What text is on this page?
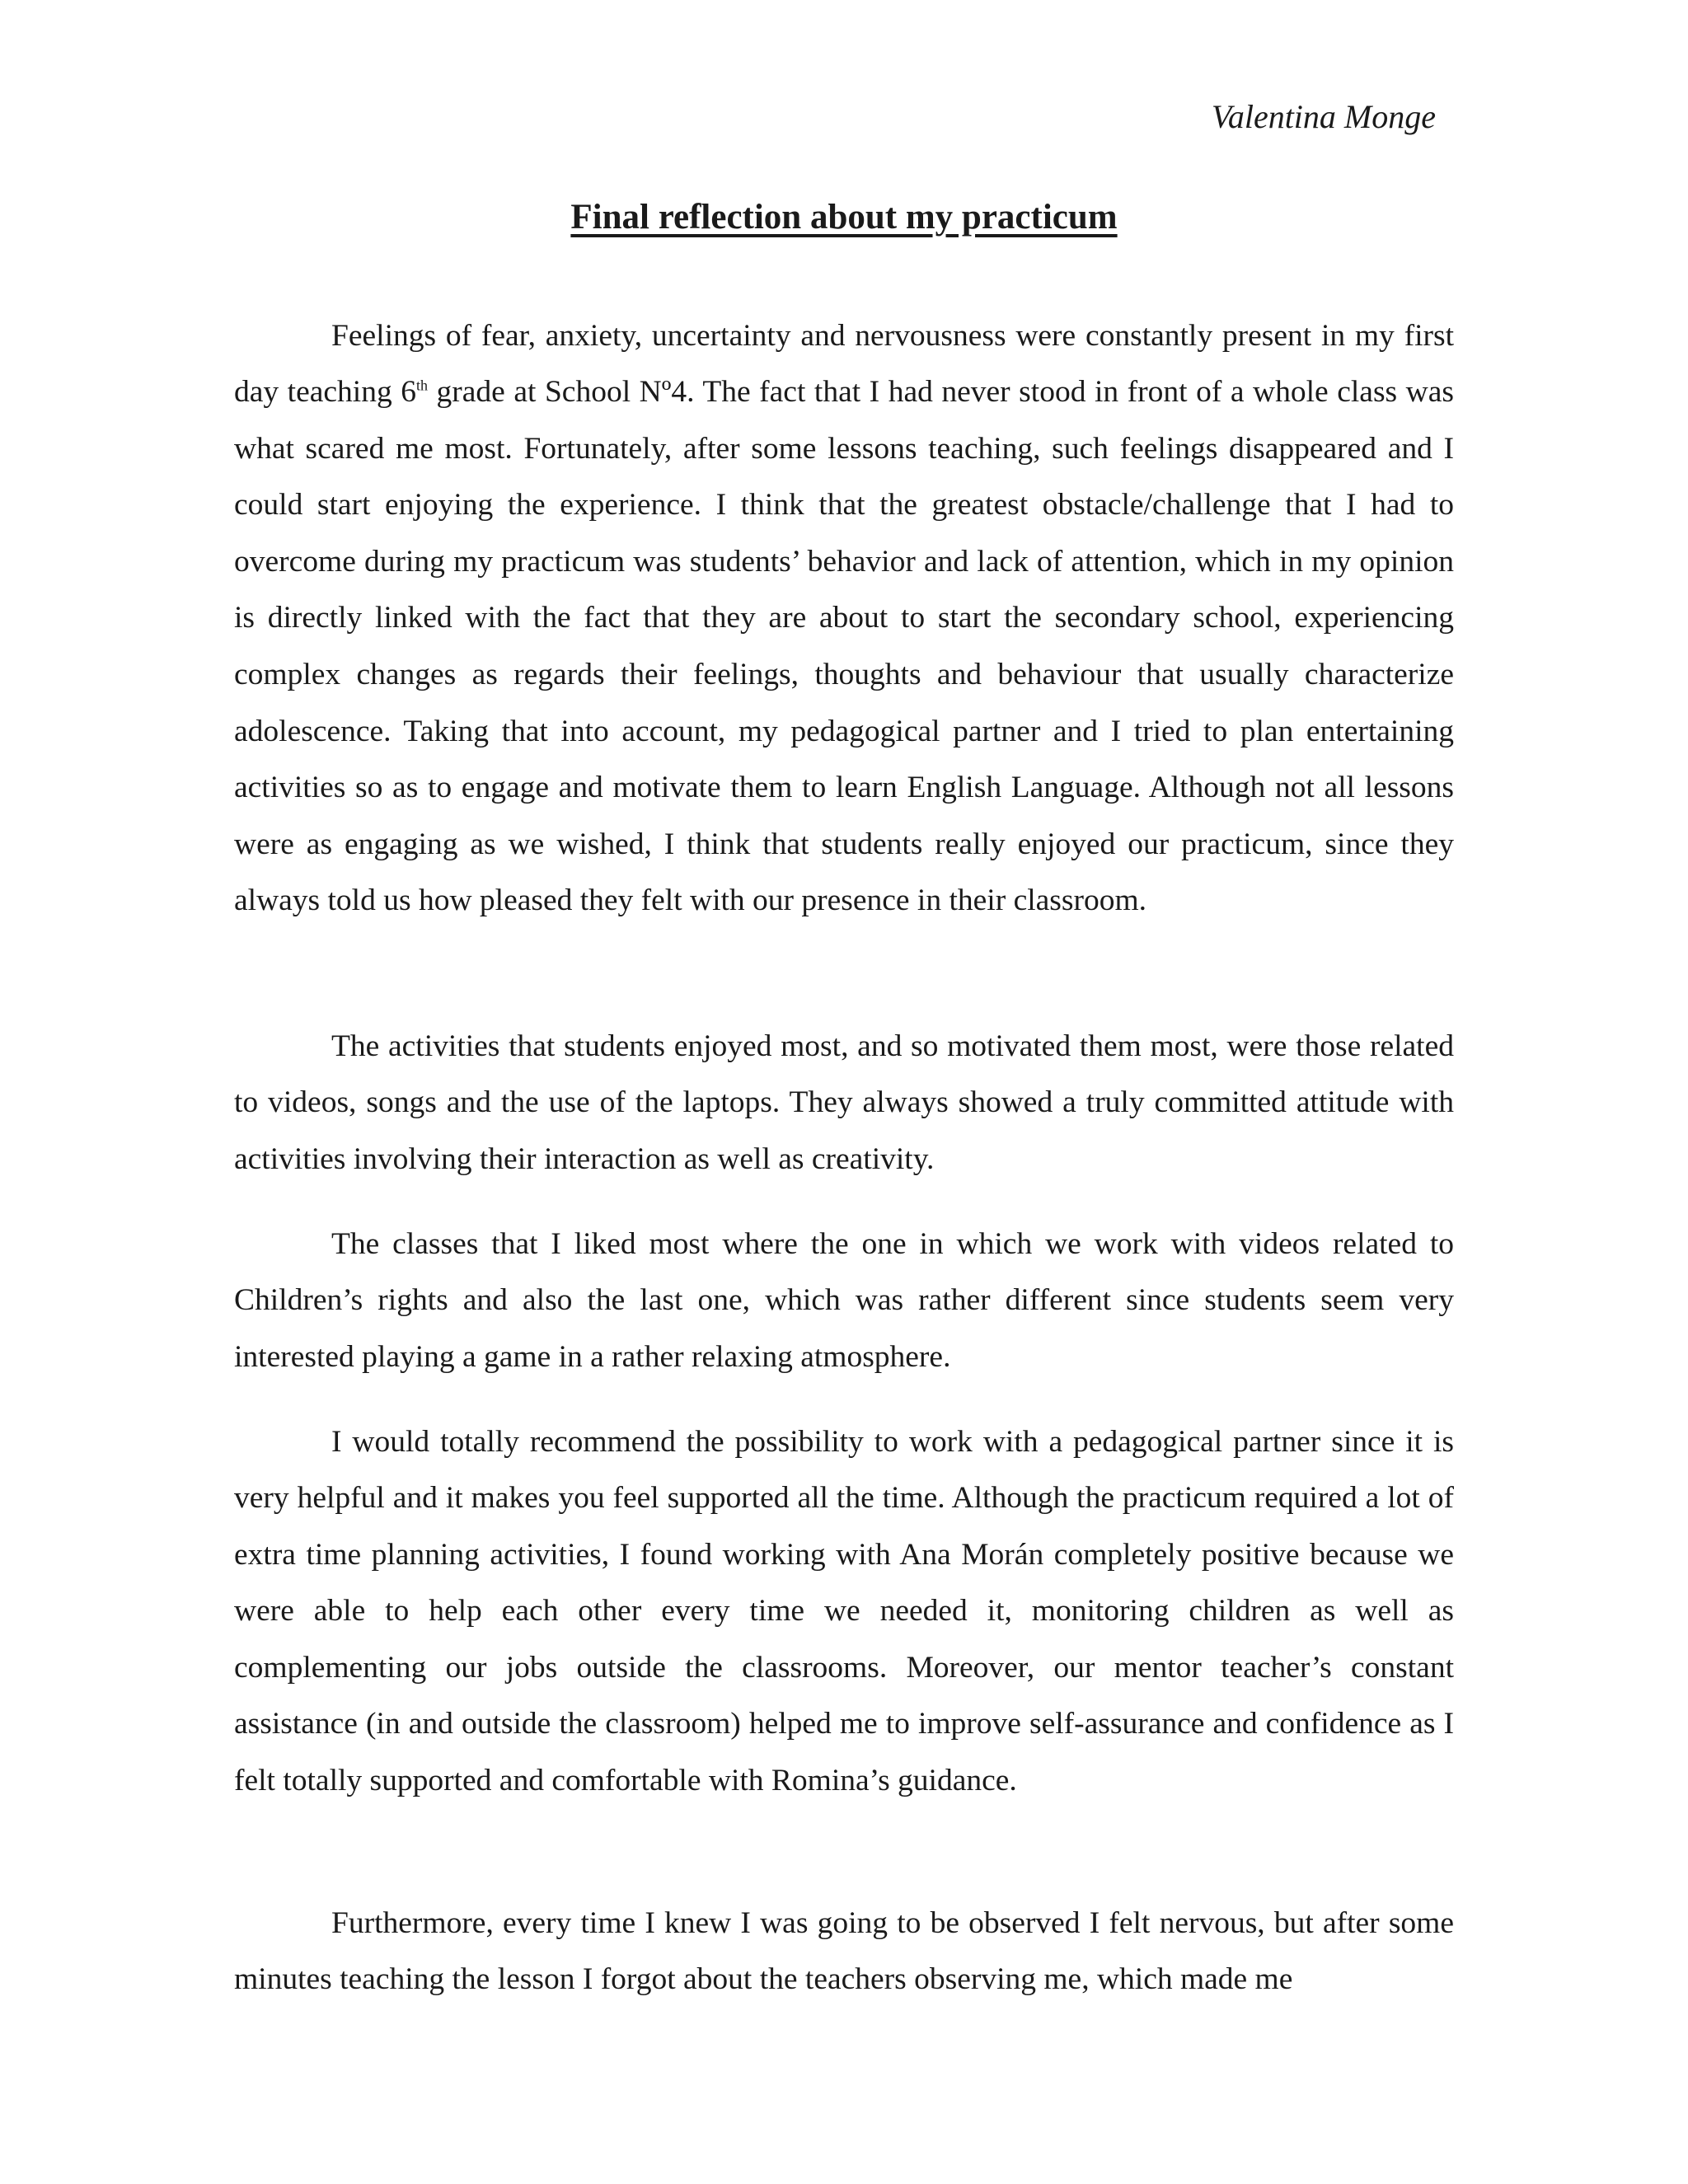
Valentina Monge
Final reflection about my practicum

Feelings of fear, anxiety, uncertainty and nervousness were constantly present in my first day teaching 6th grade at School Nº4. The fact that I had never stood in front of a whole class was what scared me most. Fortunately, after some lessons teaching, such feelings disappeared and I could start enjoying the experience. I think that the greatest obstacle/challenge that I had to overcome during my practicum was students’ behavior and lack of attention, which in my opinion is directly linked with the fact that they are about to start the secondary school, experiencing complex changes as regards their feelings, thoughts and behaviour that usually characterize adolescence. Taking that into account, my pedagogical partner and I tried to plan entertaining activities so as to engage and motivate them to learn English Language. Although not all lessons were as engaging as we wished, I think that students really enjoyed our practicum, since they always told us how pleased they felt with our presence in their classroom.

The activities that students enjoyed most, and so motivated them most, were those related to videos, songs and the use of the laptops. They always showed a truly committed attitude with activities involving their interaction as well as creativity.

The classes that I liked most where the one in which we work with videos related to Children’s rights and also the last one, which was rather different since students seem very interested playing a game in a rather relaxing atmosphere.

I would totally recommend the possibility to work with a pedagogical partner since it is very helpful and it makes you feel supported all the time. Although the practicum required a lot of extra time planning activities, I found working with Ana Morán completely positive because we were able to help each other every time we needed it, monitoring children as well as complementing our jobs outside the classrooms. Moreover, our mentor teacher’s constant assistance (in and outside the classroom) helped me to improve self-assurance and confidence as I felt totally supported and comfortable with Romina’s guidance.

Furthermore, every time I knew I was going to be observed I felt nervous, but after some minutes teaching the lesson I forgot about the teachers observing me, which made me
